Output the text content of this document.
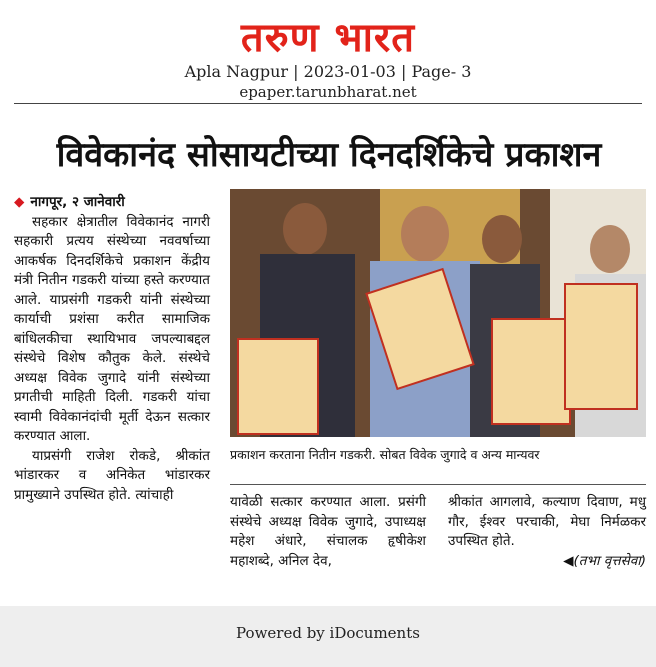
तरुण भारत
Apla Nagpur | 2023-01-03 | Page- 3
epaper.tarunbharat.net
विवेकानंद सोसायटीच्या दिनदर्शिकेचे प्रकाशन
◆ नागपूर, २ जानेवारी
सहकार क्षेत्रातील विवेकानंद नागरी सहकारी प्रत्यय संस्थेच्या नववर्षाच्या आकर्षक दिनदर्शिकेचे प्रकाशन केंद्रीय मंत्री नितीन गडकरी यांच्या हस्ते करण्यात आले. याप्रसंगी गडकरी यांनी संस्थेच्या कार्याची प्रशंसा करीत सामाजिक बांधिलकीचा स्थायिभाव जपल्याबद्दल संस्थेचे विशेष कौतुक केले. संस्थेचे अध्यक्ष विवेक जुगादे यांनी संस्थेच्या प्रगतीची माहिती दिली. गडकरी यांचा स्वामी विवेकानंदांची मूर्ती देऊन सत्कार करण्यात आला.
याप्रसंगी राजेश रोकडे, श्रीकांत भांडारकर व अनिकेत भांडारकर प्रामुख्याने उपस्थित होते. त्यांचाही
प्रकाशन करताना नितीन गडकरी. सोबत विवेक जुगादे व अन्य मान्यवर
यावेळी सत्कार करण्यात आला. प्रसंगी संस्थेचे अध्यक्ष विवेक जुगादे, उपाध्यक्ष महेश अंधारे, संचालक हृषीकेश महाशब्दे, अनिल देव,
श्रीकांत आगलावे, कल्याण दिवाण, मधु गौर, ईश्वर परचाकी, मेघा निर्मळकर उपस्थित होते.
◀(तभा वृत्तसेवा)
Powered by iDocuments
